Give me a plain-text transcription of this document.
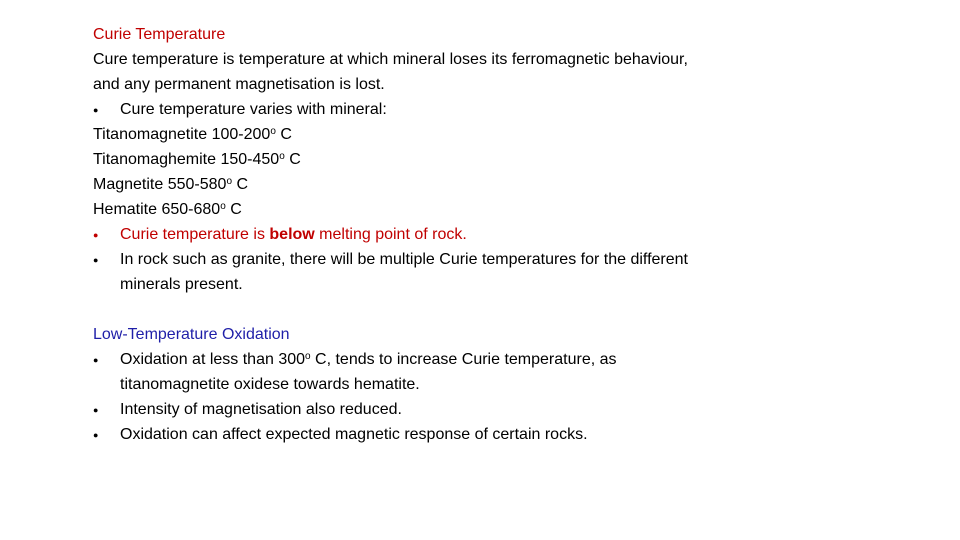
Curie Temperature
Cure temperature is temperature at which mineral loses its ferromagnetic behaviour,
and any permanent magnetisation is lost.
● Cure temperature varies with mineral:
Titanomagnetite 100-200$^o$ C
Titanomaghemite 150-450$^o$ C
Magnetite 550-580$^o$ C
Hematite 650-680$^o$ C
● Curie temperature is below melting point of rock.
● In rock such as granite, there will be multiple Curie temperatures for the different
minerals present.
Low-Temperature Oxidation
● Oxidation at less than 300$^o$ C, tends to increase Curie temperature, as
titanomagnetite oxidese towards hematite.
● Intensity of magnetisation also reduced.
● Oxidation can affect expected magnetic response of certain rocks.
